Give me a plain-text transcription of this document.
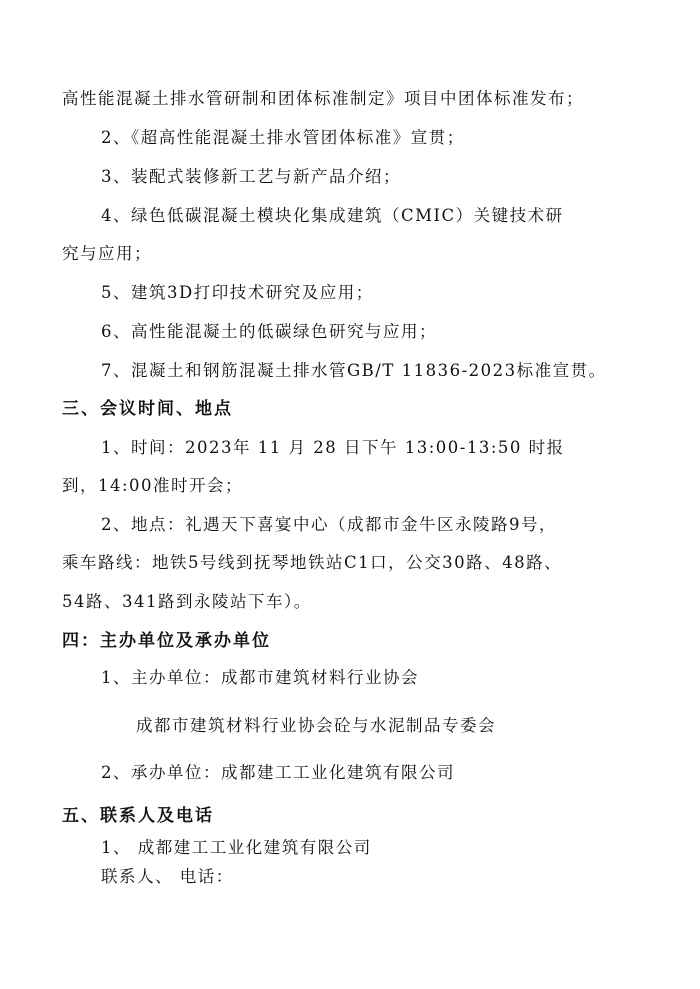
高性能混凝土排水管研制和团体标准制定》项目中团体标准发布；
2、《超高性能混凝土排水管团体标准》宣贯；
3、装配式装修新工艺与新产品介绍；
4、绿色低碳混凝土模块化集成建筑（CMIC）关键技术研
究与应用；
5、建筑3D打印技术研究及应用；
6、高性能混凝土的低碳绿色研究与应用；
7、混凝土和钢筋混凝土排水管GB/T 11836-2023标准宣贯。
三、会议时间、地点
1、时间：2023年 11 月 28 日下午 13:00-13:50 时报
到，14:00准时开会；
2、地点：礼遇天下喜宴中心（成都市金牛区永陵路9号，
乘车路线：地铁5号线到抚琴地铁站C1口，公交30路、48路、
54路、341路到永陵站下车）。
四：主办单位及承办单位
1、主办单位：成都市建筑材料行业协会
成都市建筑材料行业协会砼与水泥制品专委会
2、承办单位：成都建工工业化建筑有限公司
五、联系人及电话
1、 成都建工工业化建筑有限公司
联系人、 电话：
